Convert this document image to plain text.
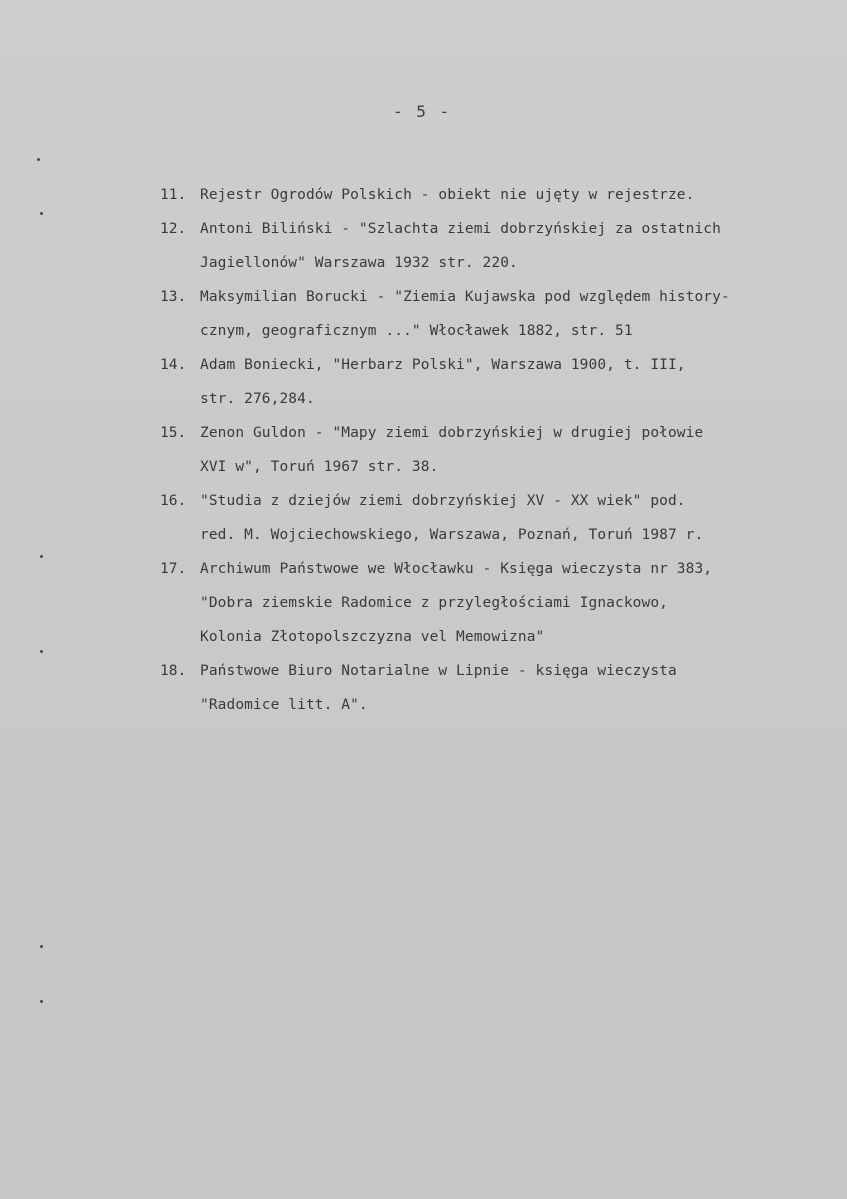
- 5 -
11. Rejestr Ogrodów Polskich - obiekt nie ujęty w rejestrze.
12. Antoni Biliński - "Szlachta ziemi dobrzyńskiej za ostatnich
Jagiellonów" Warszawa 1932 str. 220.
13. Maksymilian Borucki - "Ziemia Kujawska pod względem history-
cznym, geograficznym ..." Włocławek 1882, str. 51
14. Adam Boniecki, "Herbarz Polski", Warszawa 1900, t. III,
str. 276,284.
15. Zenon Guldon - "Mapy ziemi dobrzyńskiej w drugiej połowie
XVI w", Toruń 1967 str. 38.
16. "Studia z dziejów ziemi dobrzyńskiej XV - XX wiek" pod.
red. M. Wojciechowskiego, Warszawa, Poznań, Toruń 1987 r.
17. Archiwum Państwowe we Włocławku - Księga wieczysta nr 383,
"Dobra ziemskie Radomice z przyległościami Ignackowo,
Kolonia Złotopolszczyzna vel Memowizna"
18. Państwowe Biuro Notarialne w Lipnie - księga wieczysta
"Radomice litt. A".
